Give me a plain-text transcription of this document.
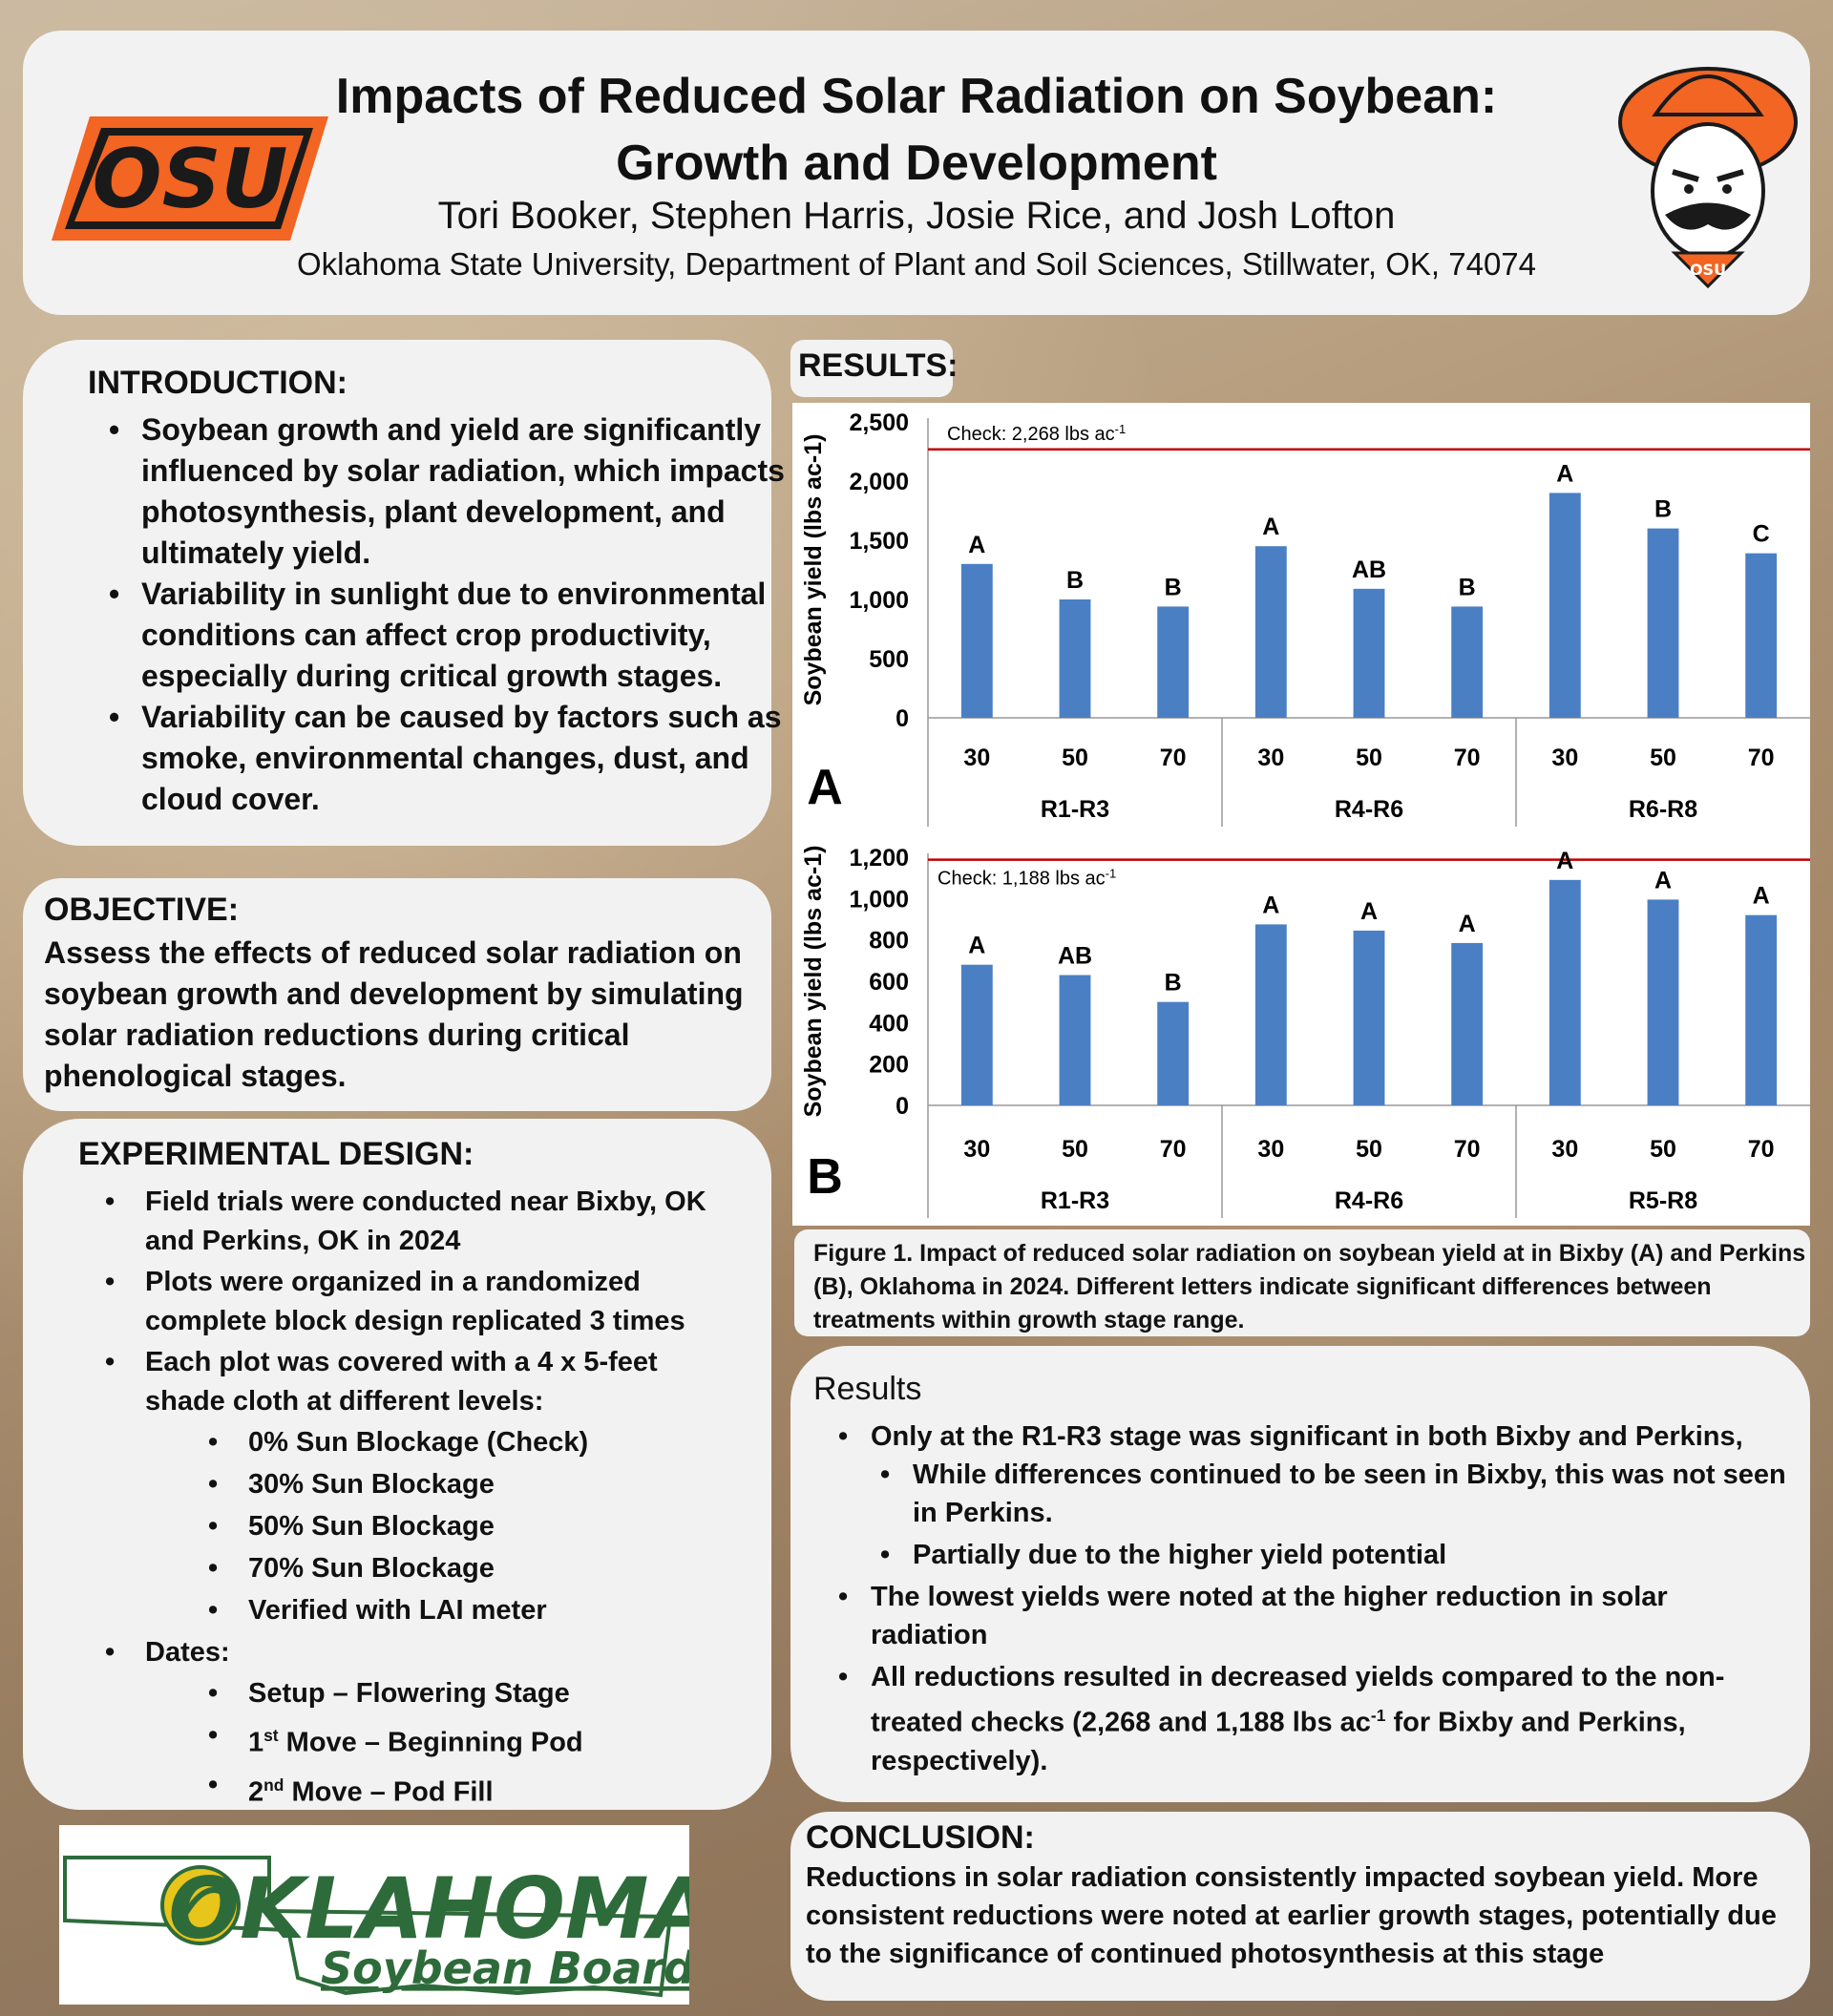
OSU
Impacts of Reduced Solar Radiation on Soybean:
Growth and Development
Tori Booker, Stephen Harris, Josie Rice, and Josh Lofton
Oklahoma State University, Department of Plant and Soil Sciences, Stillwater, OK, 74074	OSU
INTRODUCTION:
• Soybean growth and yield are significantly influenced by solar radiation, which impacts photosynthesis, plant development, and ultimately yield.
• Variability in sunlight due to environmental conditions can affect crop productivity, especially during critical growth stages.
• Variability can be caused by factors such as smoke, environmental changes, dust, and cloud cover.
OBJECTIVE:

Assess the effects of reduced solar radiation on soybean growth and development by simulating solar radiation reductions during critical phenological stages.

EXPERIMENTAL DESIGN:
• Field trials were conducted near Bixby, OK and Perkins, OK in 2024
• Plots were organized in a randomized complete block design replicated 3 times
• Each plot was covered with a 4 x 5-feet shade cloth at different levels:
• 0% Sun Blockage (Check)
• 30% Sun Blockage
• 50% Sun Blockage
• 70% Sun Blockage
• Verified with LAI meter
• Dates:
• Setup – Flowering Stage
• 1st Move – Beginning Pod
• 2nd Move – Pod Fill
OKLAHOMA
Soybean Board
RESULTS:
Soybean yield (lbs ac-1)
0
500
1,000
1,500
2,000
2,500 Check: 2,268 lbs $ac^{-1}$
A
30
B
50
B
70
A
30
AB
50
B
70
A
30
B
50
C
70
R1-R3	R4-R6	R6-R8
A
Soybean yield (lbs ac-1)	0
200
400
600
800
1,000
1,200
Check: 1,188 lbs $ac^{-1}$
A
30
AB
50
B
70
A
30
A
50
A
70
A
30
A
50
A
70
R1-R3	R4-R6	R5-R8
B
Figure 1. Impact of reduced solar radiation on soybean yield at in Bixby (A) and Perkins (B), Oklahoma in 2024. Different letters indicate significant differences between treatments within growth stage range.
Results
• Only at the R1-R3 stage was significant in both Bixby and Perkins,
• While differences continued to be seen in Bixby, this was not seen in Perkins.
• Partially due to the higher yield potential
• The lowest yields were noted at the higher reduction in solar radiation
• All reductions resulted in decreased yields compared to the non-treated checks (2,268 and 1,188 lbs $ac^{-1}$ for Bixby and Perkins, respectively).
CONCLUSION:

Reductions in solar radiation consistently impacted soybean yield. More consistent reductions were noted at earlier growth stages, potentially due to the significance of continued photosynthesis at this stage
